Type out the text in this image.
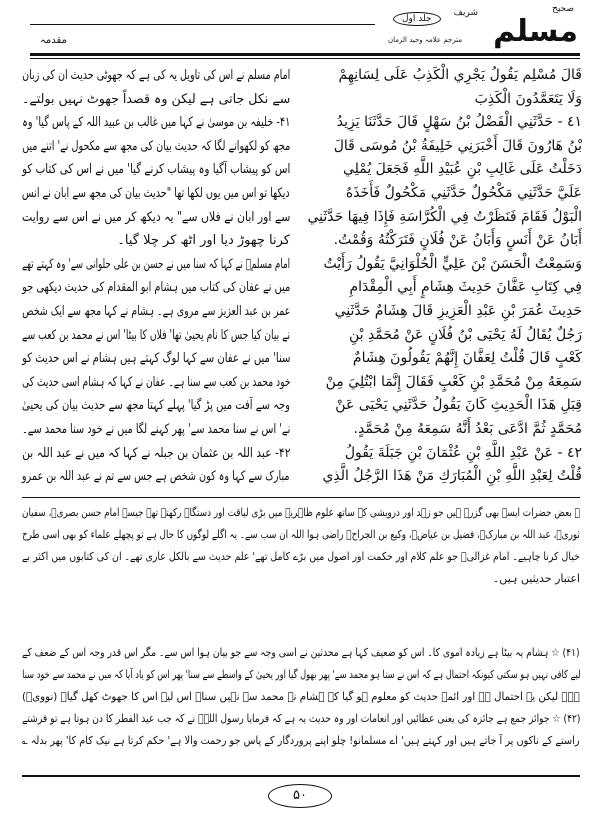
صحیح
مسلم
شریف
جلد اول
مترجم علامہ وحید الزمان
مقدمہ
قَالَ مُسْلِم يَقُولُ يَجْرِي الْكَذِبُ عَلَى لِسَانِهِمْ
وَلَا يَتَعَمَّدُونَ الْكَذِبَ
٤١ - حَدَّثَنِي الْفَضْلُ بْنُ سَهْلٍ قَالَ حَدَّثَنَا يَزِيدُ
بْنُ هَارُونَ قَالَ أَخْبَرَنِي خَلِيفَةُ بْنُ مُوسَى قَالَ
دَخَلْتُ عَلَى غَالِبِ بْنِ عُبَيْدِ اللَّهِ فَجَعَلَ يُمْلِي
عَلَيَّ حَدَّثَنِي مَكْحُولٌ حَدَّثَنِي مَكْحُولٌ فَأَخَذَهُ
الْبَوْلُ فَقَامَ فَنَظَرْتُ فِي الْكُرَّاسَةِ فَإِذَا فِيهَا حَدَّثَنِي
أَبَانُ عَنْ أَنَسٍ وَأَبَانُ عَنْ فُلَانٍ فَتَرَكْتُهُ وَقُمْتُ.
وَسَمِعْتُ الْحَسَنَ بْنَ عَلِيٍّ الْحُلْوَانِيَّ يَقُولُ رَأَيْتُ
فِي كِتَابِ عَفَّانَ حَدِيثَ هِشَامٍ أَبِي الْمِقْدَامِ
حَدِيثَ عُمَرَ بْنِ عَبْدِ الْعَزِيزِ قَالَ هِشَامٌ حَدَّثَنِي
رَجُلٌ يُقَالُ لَهُ يَحْيَى بْنُ فُلَانٍ عَنْ مُحَمَّدِ بْنِ
كَعْبٍ قَالَ قُلْتُ لِعَفَّانَ إِنَّهُمْ يَقُولُونَ هِشَامٌ
سَمِعَهُ مِنْ مُحَمَّدِ بْنِ كَعْبٍ فَقَالَ إِنَّمَا ابْتُلِيَ مِنْ
قِبَلِ هَذَا الْحَدِيثِ كَانَ يَقُولُ حَدَّثَنِي يَحْيَى عَنْ
مُحَمَّدٍ ثُمَّ ادَّعَى بَعْدُ أَنَّهُ سَمِعَهُ مِنْ مُحَمَّدٍ.
٤٢ - عَنْ عَبْدِ اللَّهِ بْنِ عُثْمَانَ بْنِ جَبَلَةَ يَقُولُ
قُلْتُ لِعَبْدِ اللَّهِ بْنِ الْمُبَارَكِ مَنْ هَذَا الرَّجُلُ الَّذِي
امام مسلم نے اس کی تاویل یہ کی ہے کہ جھوٹی حدیث ان کی زبان
سے نکل جاتی ہے لیکن وہ قصداً جھوٹ نہیں بولتے۔
۴۱- خلیفہ بن موسیٰ نے کہا میں غالب بن عبید اللہ کے پاس گیا' وہ
مجھ کو لکھوانے لگا کہ حدیث بیان کی مجھ سے مکحول نے' اتنے میں
اس کو پیشاب آگیا وہ پیشاب کرنے گیا' میں نے اس کی کتاب کو
دیکھا تو اس میں یوں لکھا تھا "حدیث بیان کی مجھ سے ابان نے انس
سے اور ابان نے فلاں سے" یہ دیکھ کر میں نے اس سے روایت
کرنا چھوڑ دیا اور اٹھ کر چلا گیا۔
امام مسلمؒ نے کہا کہ سنا میں نے حسن بن علی حلوانی سے' وہ کہتے تھے
میں نے عفان کی کتاب میں ہشام ابو المقدام کی حدیث دیکھی جو
عمر بن عبد العزیز سے مروی ہے۔ ہشام نے کہا مجھ سے ایک شخص
نے بیان کیا جس کا نام یحییٰ تھا' فلاں کا بیٹا' اس نے محمد بن کعب سے
سنا' میں نے عفان سے کہا لوگ کہتے ہیں ہشام نے اس حدیث کو
خود محمد بن کعب سے سنا ہے۔ عفان نے کہا کہ ہشام اسی حدیث کی
وجہ سے آفت میں پڑ گیا' پہلے کہتا مجھ سے حدیث بیان کی یحییٰ
نے' اس نے سنا محمد سے' پھر کہنے لگا میں نے خود سنا محمد سے۔
۴۲- عبد اللہ بن عثمان بن جبلہ نے کہا کہ میں نے عبد اللہ بن
مبارک سے کہا وہ کون شخص ہے جس سے تم نے عبد اللہ بن عمرو
؎ بعض حضرات ایسے بھی گزرے ہیں جو زہد اور درویشی کے ساتھ علوم ظاہریہ میں بڑی لیاقت اور دستگاہ رکھتے تھے جیسے امام حسن بصریؒ، سفیان
ثوریؒ، عبد اللہ بن مبارکؒ، فضیل بن عیاضؒ، وکیع بن الجراحؒ راضی ہوا اللہ ان سب سے۔ یہ اگلے لوگوں کا حال ہے تو پچھلے علماء کو بھی اسی طرح
خیال کرنا چاہیے۔ امام غزالیؒ جو علم کلام اور حکمت اور اصول میں بڑے کامل تھے' علم حدیث سے بالکل عاری تھے۔ ان کی کتابوں میں اکثر بے
اعتبار حدیثیں ہیں۔
(۴۱) ☆ ہشام یہ بیٹا ہے زیادہ اموی کا۔ اس کو ضعیف کہا ہے محدثین نے اسی وجہ سے جو بیان ہوا اس سے۔ مگر اس قدر وجہ اس کے ضعف کے
لیے کافی نہیں ہو سکتی کیونکہ احتمال ہے کہ اس نے سنا ہو محمد سے' پھر بھول گیا اور یحییٰ کے واسطے سے سنا' پھر اس کو یاد آیا کہ میں نے محمد سے خود سنا
ہے۔ لیکن یہ احتمال ہے اور ائمہ حدیث کو معلوم ہو گیا کہ ہشام نے محمد سے نہیں سنا۔ اس لیے اس کا جھوٹ کھل گیا۔ (نوویؒ)
(۴۲) ☆ جوائز جمع ہے جائزہ کی یعنی عطائیں اور انعامات اور وہ حدیث یہ ہے کہ فرمایا رسول اللہؐ نے کہ جب عید الفطر کا دن ہوتا ہے تو فرشتے
راستے کے ناکوں پر آ جاتے ہیں اور کہتے ہیں' اے مسلمانو! چلو اپنے پروردگار کے پاس جو رحمت والا ہے' حکم کرتا ہے نیک کام کا' پھر بدلہ ؎
۵۰
